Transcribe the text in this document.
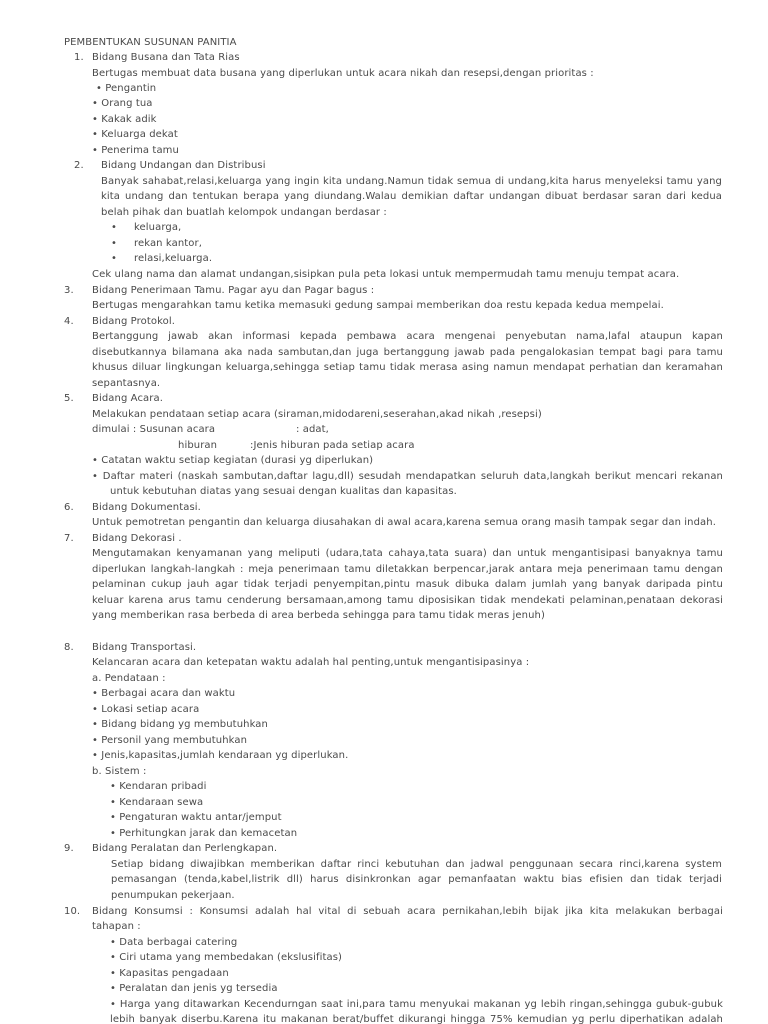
PEMBENTUKAN SUSUNAN PANITIA
1. Bidang Busana dan Tata Rias
Bertugas membuat data busana yang diperlukan untuk acara nikah dan resepsi,dengan prioritas :
• Pengantin
• Orang tua
• Kakak adik
• Keluarga dekat
• Penerima tamu
2. Bidang Undangan dan Distribusi
Banyak sahabat,relasi,keluarga yang ingin kita undang.Namun tidak semua di undang,kita harus menyeleksi tamu yang
kita undang dan tentukan berapa yang diundang.Walau demikian daftar undangan dibuat berdasar saran dari kedua
belah pihak dan buatlah kelompok undangan berdasar :
• keluarga,
• rekan kantor,
• relasi,keluarga.
Cek ulang nama dan alamat undangan,sisipkan pula peta lokasi untuk mempermudah tamu menuju tempat acara.
3. Bidang Penerimaan Tamu. Pagar ayu dan Pagar bagus :
Bertugas mengarahkan tamu ketika memasuki gedung sampai memberikan doa restu kepada kedua mempelai.
4. Bidang Protokol.
Bertanggung jawab akan informasi kepada pembawa acara mengenai penyebutan nama,lafal ataupun kapan
disebutkannya bilamana aka nada sambutan,dan juga bertanggung jawab pada pengalokasian tempat bagi para tamu
khusus diluar lingkungan keluarga,sehingga setiap tamu tidak merasa asing namun mendapat perhatian dan keramahan
sepantasnya.
5. Bidang Acara.
Melakukan pendataan setiap acara (siraman,midodareni,seserahan,akad nikah ,resepsi)
dimulai : Susunan acara	: adat,
hiburan	:Jenis hiburan pada setiap acara
• Catatan waktu setiap kegiatan (durasi yg diperlukan)
• Daftar materi (naskah sambutan,daftar lagu,dll) sesudah mendapatkan seluruh data,langkah berikut mencari rekanan
untuk kebutuhan diatas yang sesuai dengan kualitas dan kapasitas.
6. Bidang Dokumentasi.
Untuk pemotretan pengantin dan keluarga diusahakan di awal acara,karena semua orang masih tampak segar dan indah.
7. Bidang Dekorasi .
Mengutamakan kenyamanan yang meliputi (udara,tata cahaya,tata suara) dan untuk mengantisipasi banyaknya tamu
diperlukan langkah-langkah : meja penerimaan tamu diletakkan berpencar,jarak antara meja penerimaan tamu dengan
pelaminan cukup jauh agar tidak terjadi penyempitan,pintu masuk dibuka dalam jumlah yang banyak daripada pintu
keluar karena arus tamu cenderung bersamaan,among tamu diposisikan tidak mendekati pelaminan,penataan dekorasi
yang memberikan rasa berbeda di area berbeda sehingga para tamu tidak meras jenuh)
8. Bidang Transportasi.
Kelancaran acara dan ketepatan waktu adalah hal penting,untuk mengantisipasinya :
a. Pendataan :
• Berbagai acara dan waktu
• Lokasi setiap acara
• Bidang bidang yg membutuhkan
• Personil yang membutuhkan
• Jenis,kapasitas,jumlah kendaraan yg diperlukan.
b. Sistem :
• Kendaran pribadi
• Kendaraan sewa
• Pengaturan waktu antar/jemput
• Perhitungkan jarak dan kemacetan
9. Bidang Peralatan dan Perlengkapan.
Setiap bidang diwajibkan memberikan daftar rinci kebutuhan dan jadwal penggunaan secara rinci,karena system
pemasangan (tenda,kabel,listrik dll) harus disinkronkan agar pemanfaatan waktu bias efisien dan tidak terjadi
penumpukan pekerjaan.
10. Bidang Konsumsi : Konsumsi adalah hal vital di sebuah acara pernikahan,lebih bijak jika kita melakukan berbagai
tahapan :
• Data berbagai catering
• Ciri utama yang membedakan (ekslusifitas)
• Kapasitas pengadaan
• Peralatan dan jenis yg tersedia
• Harga yang ditawarkan Kecendurngan saat ini,para tamu menyukai makanan yg lebih ringan,sehingga gubuk-gubuk
lebih banyak diserbu.Karena itu makanan berat/buffet dikurangi hingga 75% kemudian yg perlu diperhatikan adalah
